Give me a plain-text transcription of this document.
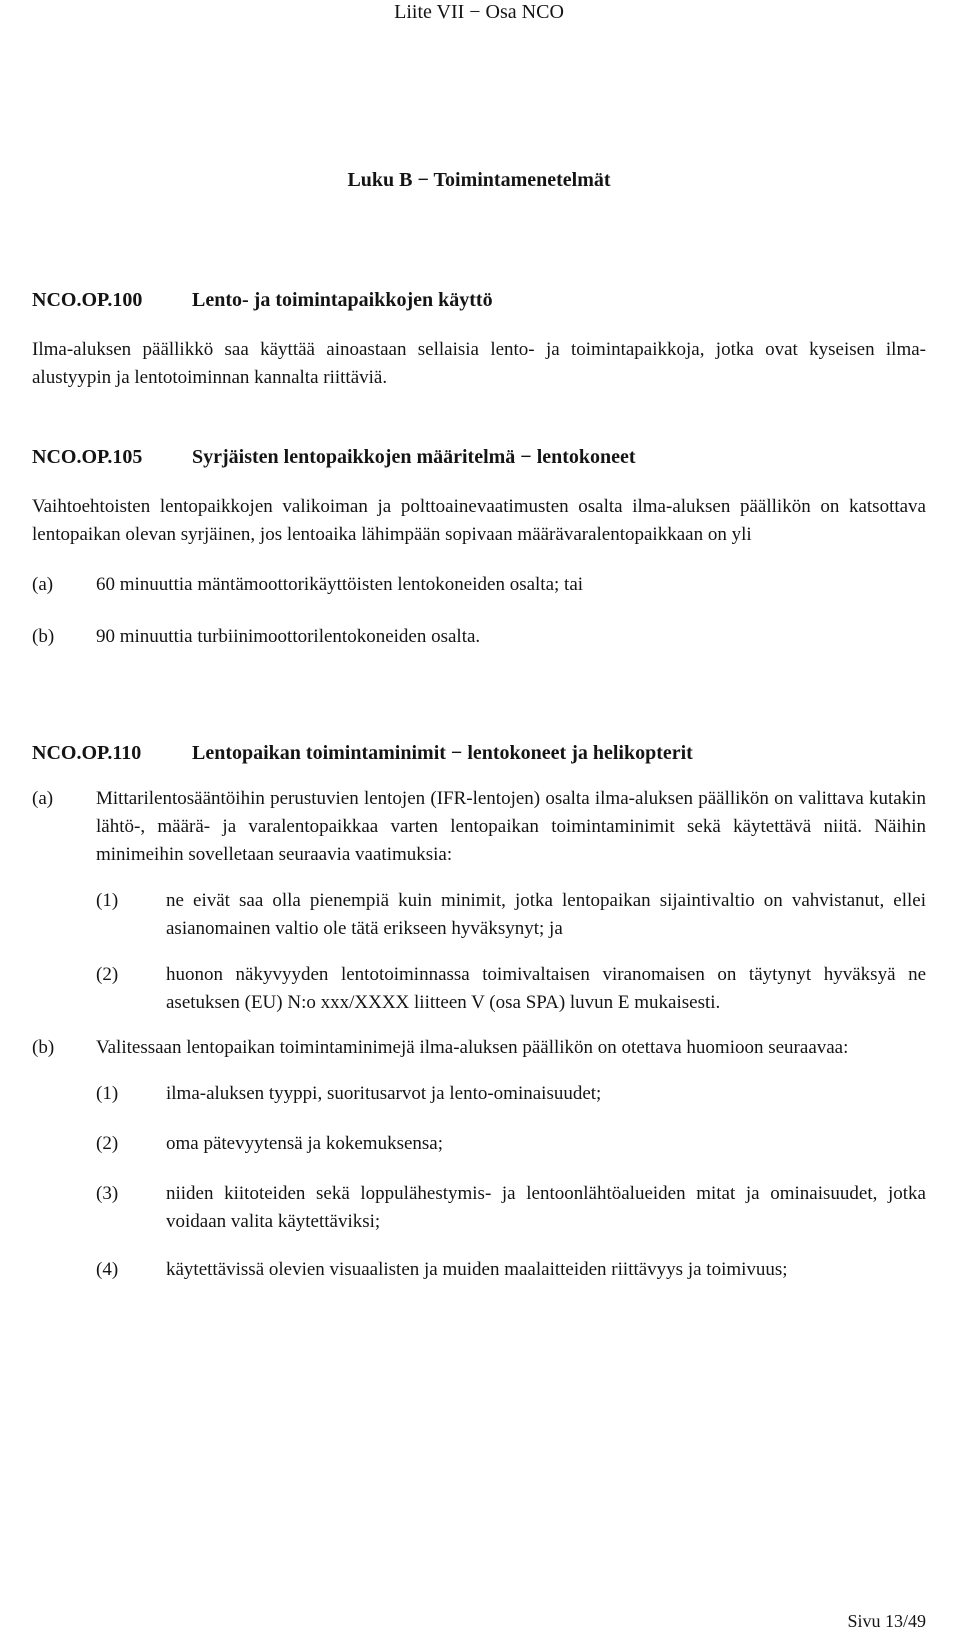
Liite VII − Osa NCO
Luku B − Toimintamenetelmät
NCO.OP.100 Lento- ja toimintapaikkojen käyttö

Ilma-aluksen päällikkö saa käyttää ainoastaan sellaisia lento- ja toimintapaikkoja, jotka ovat kyseisen ilma-alustyypin ja lentotoiminnan kannalta riittäviä.

NCO.OP.105 Syrjäisten lentopaikkojen määritelmä − lentokoneet

Vaihtoehtoisten lentopaikkojen valikoiman ja polttoainevaatimusten osalta ilma-aluksen päällikön on katsottava lentopaikan olevan syrjäinen, jos lentoaika lähimpään sopivaan määrävaralentopaikkaan on yli

(a)	60 minuuttia mäntämoottorikäyttöisten lentokoneiden osalta; tai
(b)	90 minuuttia turbiinimoottorilentokoneiden osalta.
NCO.OP.110	Lentopaikan toimintaminimit − lentokoneet ja helikopterit
(a)	Mittarilentosääntöihin perustuvien lentojen (IFR-lentojen) osalta ilma-aluksen päällikön on valittava kutakin lähtö-, määrä- ja varalentopaikkaa varten lentopaikan toimintaminimit sekä käytettävä niitä. Näihin minimeihin sovelletaan seuraavia vaatimuksia:
(1)	ne eivät saa olla pienempiä kuin minimit, jotka lentopaikan sijaintivaltio on vahvistanut, ellei asianomainen valtio ole tätä erikseen hyväksynyt; ja
(2)	huonon näkyvyyden lentotoiminnassa toimivaltaisen viranomaisen on täytynyt hyväksyä ne asetuksen (EU) N:o xxx/XXXX liitteen V (osa SPA) luvun E mukaisesti.
(b)	Valitessaan lentopaikan toimintaminimejä ilma-aluksen päällikön on otettava huomioon seuraavaa:
(1)	ilma-aluksen tyyppi, suoritusarvot ja lento-ominaisuudet;
(2)	oma pätevyytensä ja kokemuksensa;
(3)	niiden kiitoteiden sekä loppulähestymis- ja lentoonlähtöalueiden mitat ja ominaisuudet, jotka voidaan valita käytettäviksi;
(4)	käytettävissä olevien visuaalisten ja muiden maalaitteiden riittävyys ja toimivuus;
Sivu 13/49
